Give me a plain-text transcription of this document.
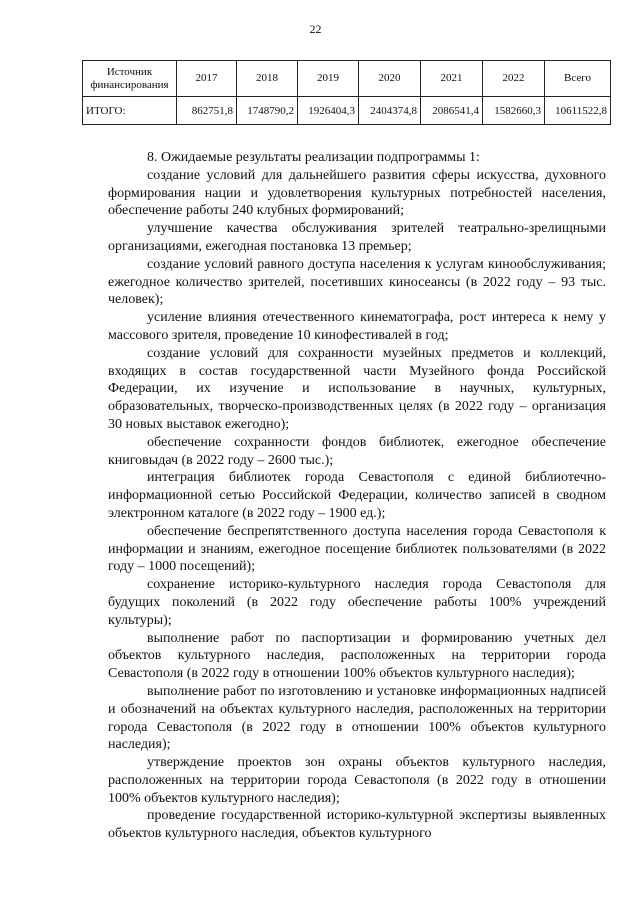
22
Источник финансирования	2017	2018	2019	2020	2021	2022	Всего
ИТОГО:	862751,8	1748790,2	1926404,3	2404374,8	2086541,4	1582660,3	10611522,8

8. Ожидаемые результаты реализации подпрограммы 1:

создание условий для дальнейшего развития сферы искусства, духовного формирования нации и удовлетворения культурных потребностей населения, обеспечение работы 240 клубных формирований;

улучшение качества обслуживания зрителей театрально-зрелищными организациями, ежегодная постановка 13 премьер;

создание условий равного доступа населения к услугам кинообслуживания; ежегодное количество зрителей, посетивших киносеансы (в 2022 году – 93 тыс. человек);

усиление влияния отечественного кинематографа, рост интереса к нему у массового зрителя, проведение 10 кинофестивалей в год;

создание условий для сохранности музейных предметов и коллекций, входящих в состав государственной части Музейного фонда Российской Федерации, их изучение и использование в научных, культурных, образовательных, творческо-производственных целях (в 2022 году – организация 30 новых выставок ежегодно);

обеспечение сохранности фондов библиотек, ежегодное обеспечение книговыдач (в 2022 году – 2600 тыс.);

интеграция библиотек города Севастополя с единой библиотечно-информационной сетью Российской Федерации, количество записей в сводном электронном каталоге (в 2022 году – 1900 ед.);

обеспечение беспрепятственного доступа населения города Севастополя к информации и знаниям, ежегодное посещение библиотек пользователями (в 2022 году – 1000 посещений);

сохранение историко-культурного наследия города Севастополя для будущих поколений (в 2022 году обеспечение работы 100% учреждений культуры);

выполнение работ по паспортизации и формированию учетных дел объектов культурного наследия, расположенных на территории города Севастополя (в 2022 году в отношении 100% объектов культурного наследия);

выполнение работ по изготовлению и установке информационных надписей и обозначений на объектах культурного наследия, расположенных на территории города Севастополя (в 2022 году в отношении 100% объектов культурного наследия);

утверждение проектов зон охраны объектов культурного наследия, расположенных на территории города Севастополя (в 2022 году в отношении 100% объектов культурного наследия);

проведение государственной историко-культурной экспертизы выявленных объектов культурного наследия, объектов культурного
